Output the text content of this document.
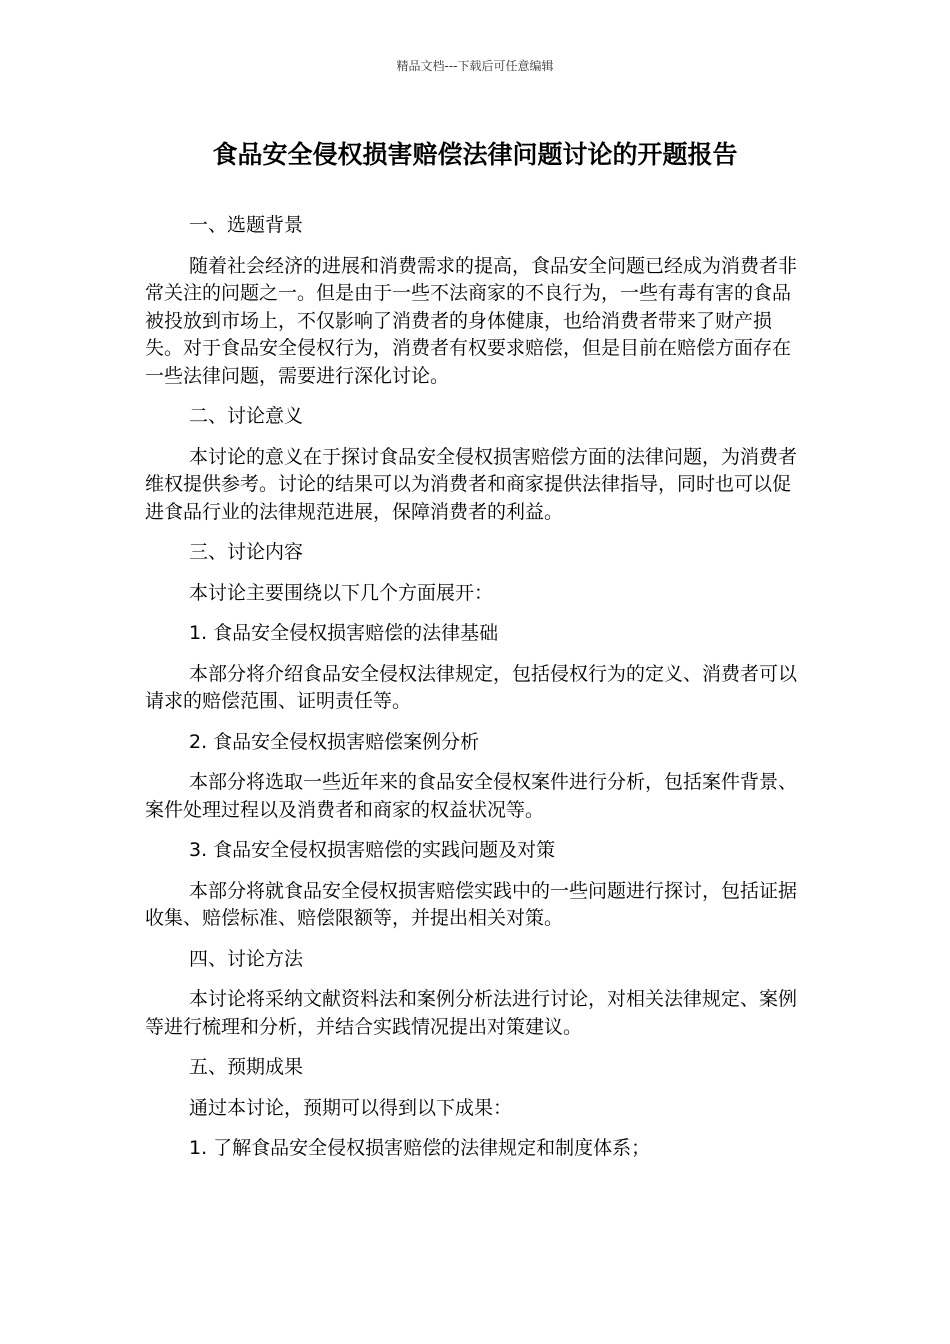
精品文档---下载后可任意编辑
食品安全侵权损害赔偿法律问题讨论的开题报告

一、选题背景

随着社会经济的进展和消费需求的提高，食品安全问题已经成为消费者非常关注的问题之一。但是由于一些不法商家的不良行为，一些有毒有害的食品被投放到市场上，不仅影响了消费者的身体健康，也给消费者带来了财产损失。对于食品安全侵权行为，消费者有权要求赔偿，但是目前在赔偿方面存在一些法律问题，需要进行深化讨论。

二、讨论意义

本讨论的意义在于探讨食品安全侵权损害赔偿方面的法律问题，为消费者维权提供参考。讨论的结果可以为消费者和商家提供法律指导，同时也可以促进食品行业的法律规范进展，保障消费者的利益。

三、讨论内容

本讨论主要围绕以下几个方面展开：

1. 食品安全侵权损害赔偿的法律基础

本部分将介绍食品安全侵权法律规定，包括侵权行为的定义、消费者可以请求的赔偿范围、证明责任等。

2. 食品安全侵权损害赔偿案例分析

本部分将选取一些近年来的食品安全侵权案件进行分析，包括案件背景、案件处理过程以及消费者和商家的权益状况等。

3. 食品安全侵权损害赔偿的实践问题及对策

本部分将就食品安全侵权损害赔偿实践中的一些问题进行探讨，包括证据收集、赔偿标准、赔偿限额等，并提出相关对策。

四、讨论方法

本讨论将采纳文献资料法和案例分析法进行讨论，对相关法律规定、案例等进行梳理和分析，并结合实践情况提出对策建议。

五、预期成果

通过本讨论，预期可以得到以下成果：

1. 了解食品安全侵权损害赔偿的法律规定和制度体系；
